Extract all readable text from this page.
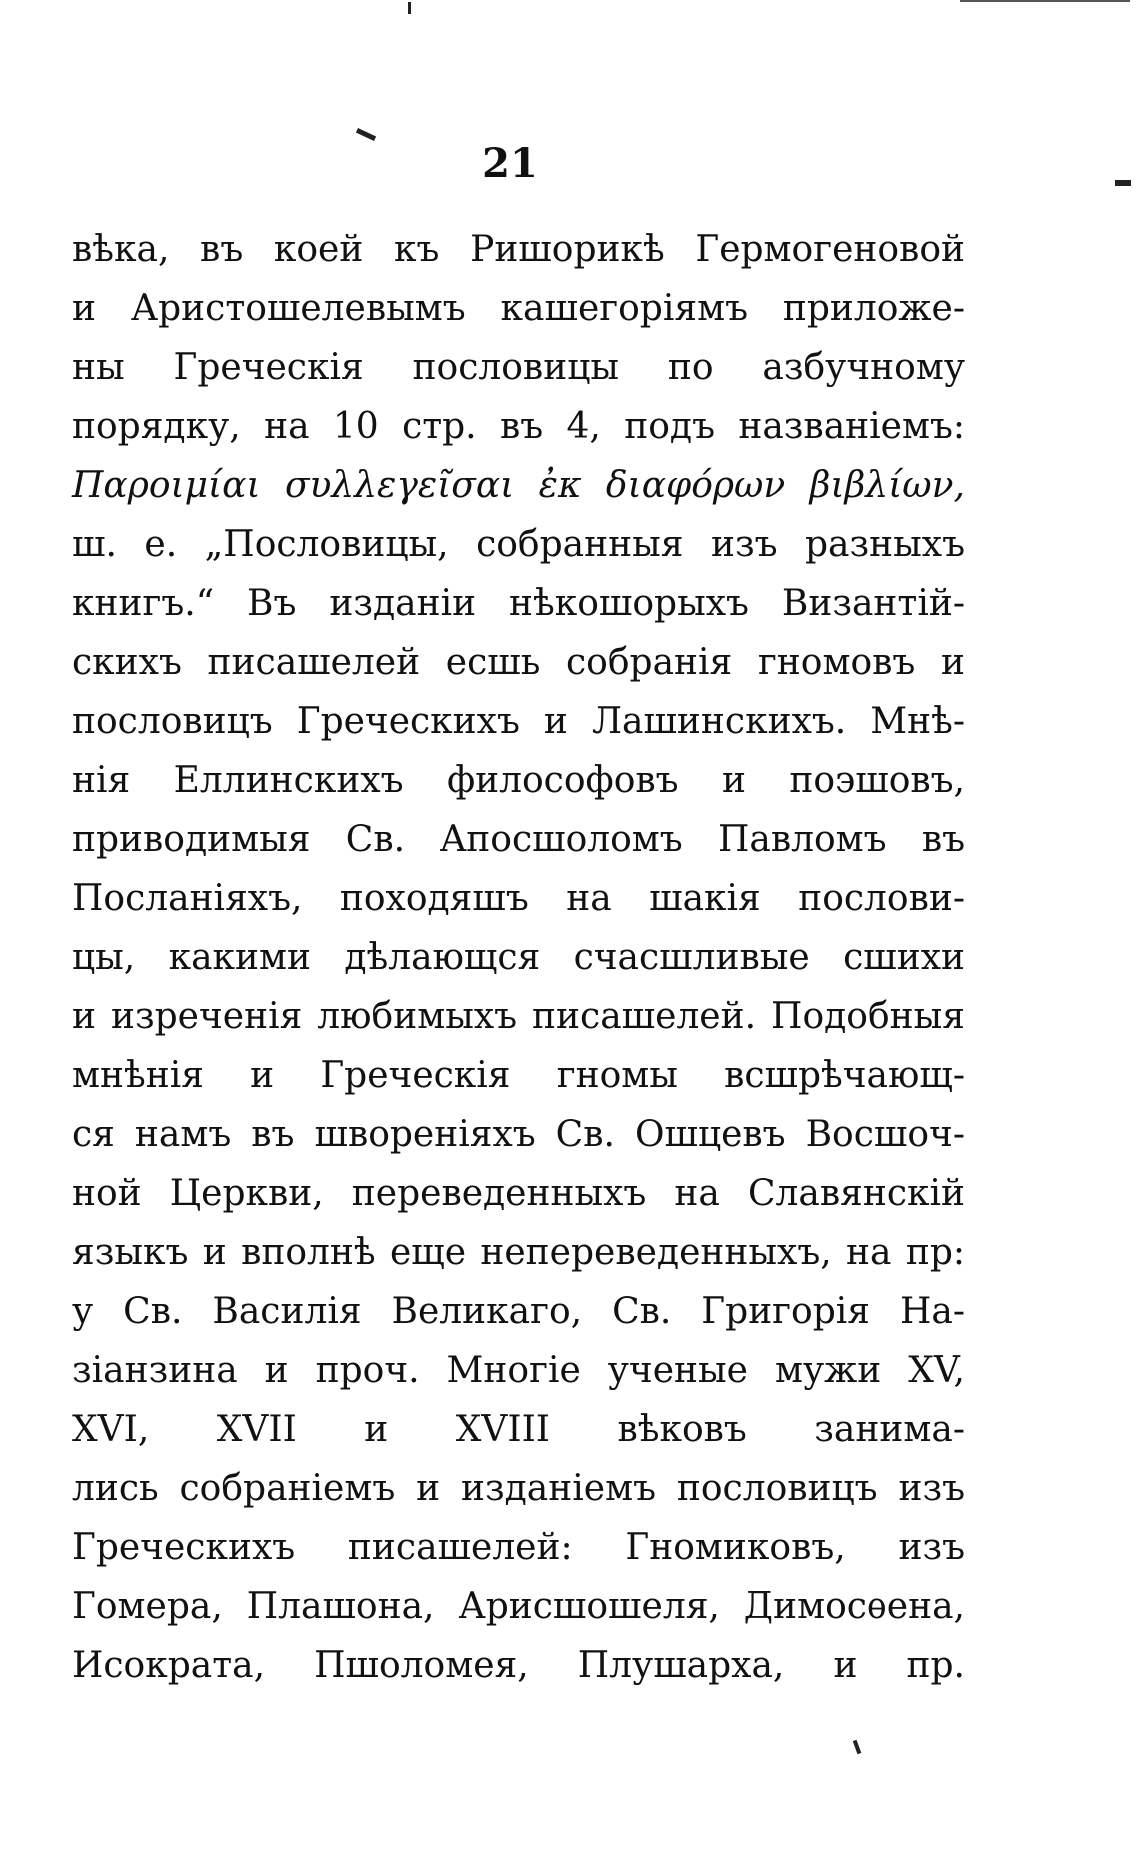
21
вѣка, въ коей къ Ришорикѣ Гермогеновой
и Аристошелевымъ кашегоріямъ приложе-
ны Греческія пословицы по азбучному
порядку, на 10 стр. въ 4, подъ названіемъ:
Παροιμίαι συλλεγεῖσαι ἐκ διαφόρων βιβλίων,
ш. е. „Пословицы, собранныя изъ разныхъ
книгъ.“ Въ изданіи нѣкошорыхъ Византій-
скихъ писашелей есшь собранія гномовъ и
пословицъ Греческихъ и Лашинскихъ. Мнѣ-
нія Еллинскихъ философовъ и поэшовъ,
приводимыя Св. Aпосшоломъ Павломъ въ
Посланіяхъ, походяшъ на шакія послови-
цы, какими дѣлающся счасшливые сшихи
и изреченія любимыхъ писашелей. Подобныя
мнѣнія и Греческія гномы всшрѣчающ-
ся намъ въ швореніяхъ Св. Ошцевъ Восшоч-
ной Церкви, переведенныхъ на Славянскій
языкъ и вполнѣ еще непереведенныхъ, на пр:
у Св. Василія Великаго, Св. Григорія На-
зіанзина и проч. Многіе ученые мужи XV,
XVI, XVII и XVIII вѣковъ занима-
лись собраніемъ и изданіемъ пословицъ изъ
Греческихъ писашелей: Гномиковъ, изъ
Гомера, Плашона, Арисшошеля, Димосѳена,
Исократа, Пшоломея, Плушарха, и пр.
